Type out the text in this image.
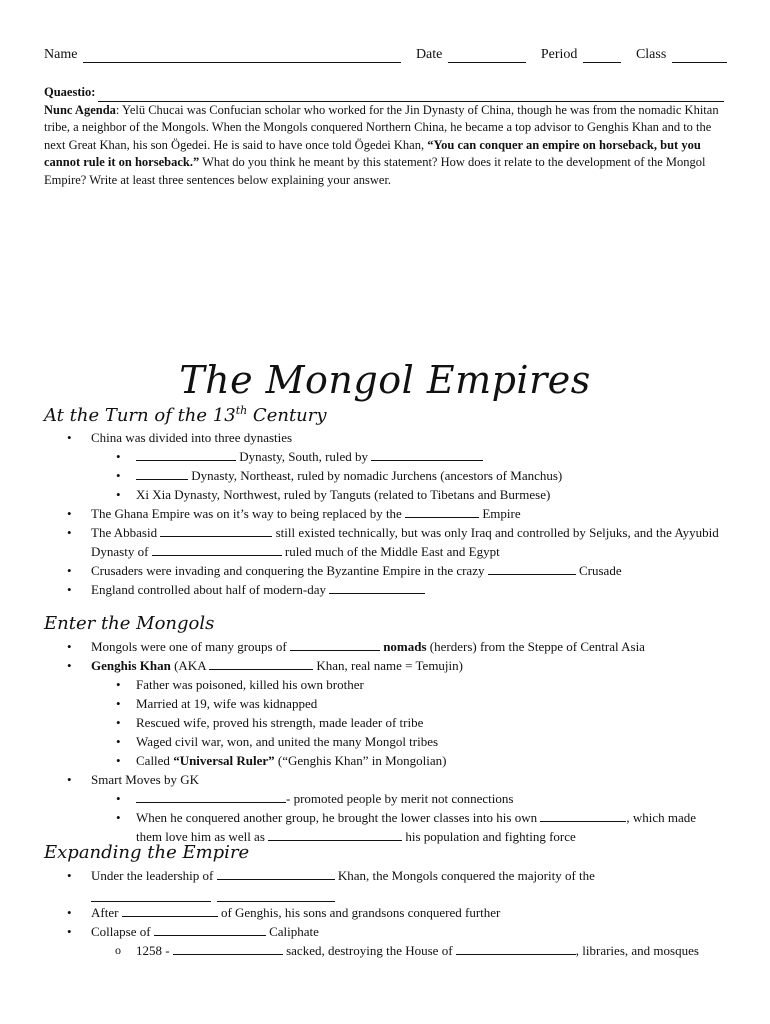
Name	Date	Period	Class
Quaestio:
Nunc Agenda: Yelü Chucai was Confucian scholar who worked for the Jin Dynasty of China, though he was from the nomadic Khitan tribe, a neighbor of the Mongols. When the Mongols conquered Northern China, he became a top advisor to Genghis Khan and to the next Great Khan, his son Ögedei. He is said to have once told Ögedei Khan, “You can conquer an empire on horseback, but you cannot rule it on horseback.” What do you think he meant by this statement? How does it relate to the development of the Mongol Empire? Write at least three sentences below explaining your answer.
The Mongol Empires
At the Turn of the 13th Century
• China was divided into three dynasties
• Dynasty, South, ruled by
• Dynasty, Northeast, ruled by nomadic Jurchens (ancestors of Manchus)
• Xi Xia Dynasty, Northwest, ruled by Tanguts (related to Tibetans and Burmese)
• The Ghana Empire was on it’s way to being replaced by the	Empire
• The Abbasid	still existed technically, but was only Iraq and controlled by Seljuks, and the Ayyubid Dynasty of	ruled much of the Middle East and Egypt
• Crusaders were invading and conquering the Byzantine Empire in the crazy	Crusade
• England controlled about half of modern-day
Enter the Mongols
• Mongols were one of many groups of	nomads (herders) from the Steppe of Central Asia
• Genghis Khan (AKA	Khan, real name = Temujin)
• Father was poisoned, killed his own brother
• Married at 19, wife was kidnapped
• Rescued wife, proved his strength, made leader of tribe
• Waged civil war, won, and united the many Mongol tribes
• Called “Universal Ruler” (“Genghis Khan” in Mongolian)
• Smart Moves by GK
• - promoted people by merit not connections
• When he conquered another group, he brought the lower classes into his own	, which made them love him as well as	his population and fighting force
Expanding the Empire
• Under the leadership of	Khan, the Mongols conquered the majority of the
• After	of Genghis, his sons and grandsons conquered further
• Collapse of	Caliphate
o 1258 -	sacked, destroying the House of	, libraries, and mosques
